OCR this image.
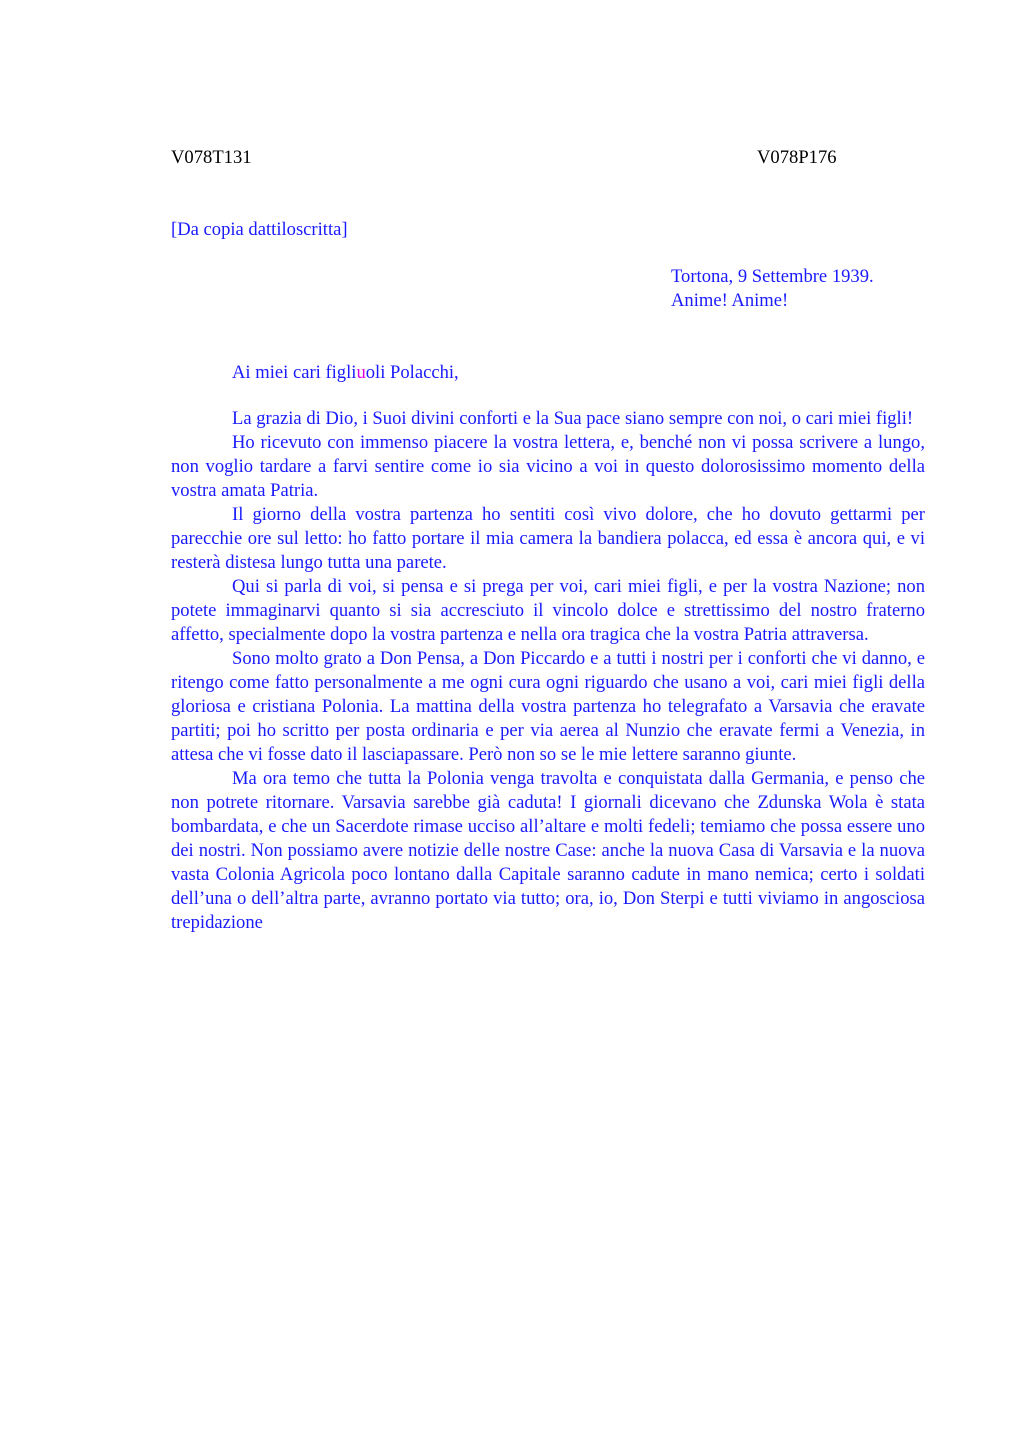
V078T131	V078P176
[Da copia dattiloscritta]
Tortona, 9 Settembre 1939.
Anime! Anime!
Ai miei cari figliuoli Polacchi,

La grazia di Dio, i Suoi divini conforti e la Sua pace siano sempre con noi, o cari miei figli!

Ho ricevuto con immenso piacere la vostra lettera, e, benché non vi possa scrivere a lungo, non voglio tardare a farvi sentire come io sia vicino a voi in questo dolorosissimo momento della vostra amata Patria.

Il giorno della vostra partenza ho sentiti così vivo dolore, che ho dovuto gettarmi per parecchie ore sul letto: ho fatto portare il mia camera la bandiera polacca, ed essa è ancora qui, e vi resterà distesa lungo tutta una parete.

Qui si parla di voi, si pensa e si prega per voi, cari miei figli, e per la vostra Nazione; non potete immaginarvi quanto si sia accresciuto il vincolo dolce e strettissimo del nostro fraterno affetto, specialmente dopo la vostra partenza e nella ora tragica che la vostra Patria attraversa.

Sono molto grato a Don Pensa, a Don Piccardo e a tutti i nostri per i conforti che vi danno, e ritengo come fatto personalmente a me ogni cura ogni riguardo che usano a voi, cari miei figli della gloriosa e cristiana Polonia. La mattina della vostra partenza ho telegrafato a Varsavia che eravate partiti; poi ho scritto per posta ordinaria e per via aerea al Nunzio che eravate fermi a Venezia, in attesa che vi fosse dato il lasciapassare. Però non so se le mie lettere saranno giunte.

Ma ora temo che tutta la Polonia venga travolta e conquistata dalla Germania, e penso che non potrete ritornare. Varsavia sarebbe già caduta! I giornali dicevano che Zdunska Wola è stata bombardata, e che un Sacerdote rimase ucciso all’altare e molti fedeli; temiamo che possa essere uno dei nostri. Non possiamo avere notizie delle nostre Case: anche la nuova Casa di Varsavia e la nuova vasta Colonia Agricola poco lontano dalla Capitale saranno cadute in mano nemica; certo i soldati dell’una o dell’altra parte, avranno portato via tutto; ora, io, Don Sterpi e tutti viviamo in angosciosa trepidazione
